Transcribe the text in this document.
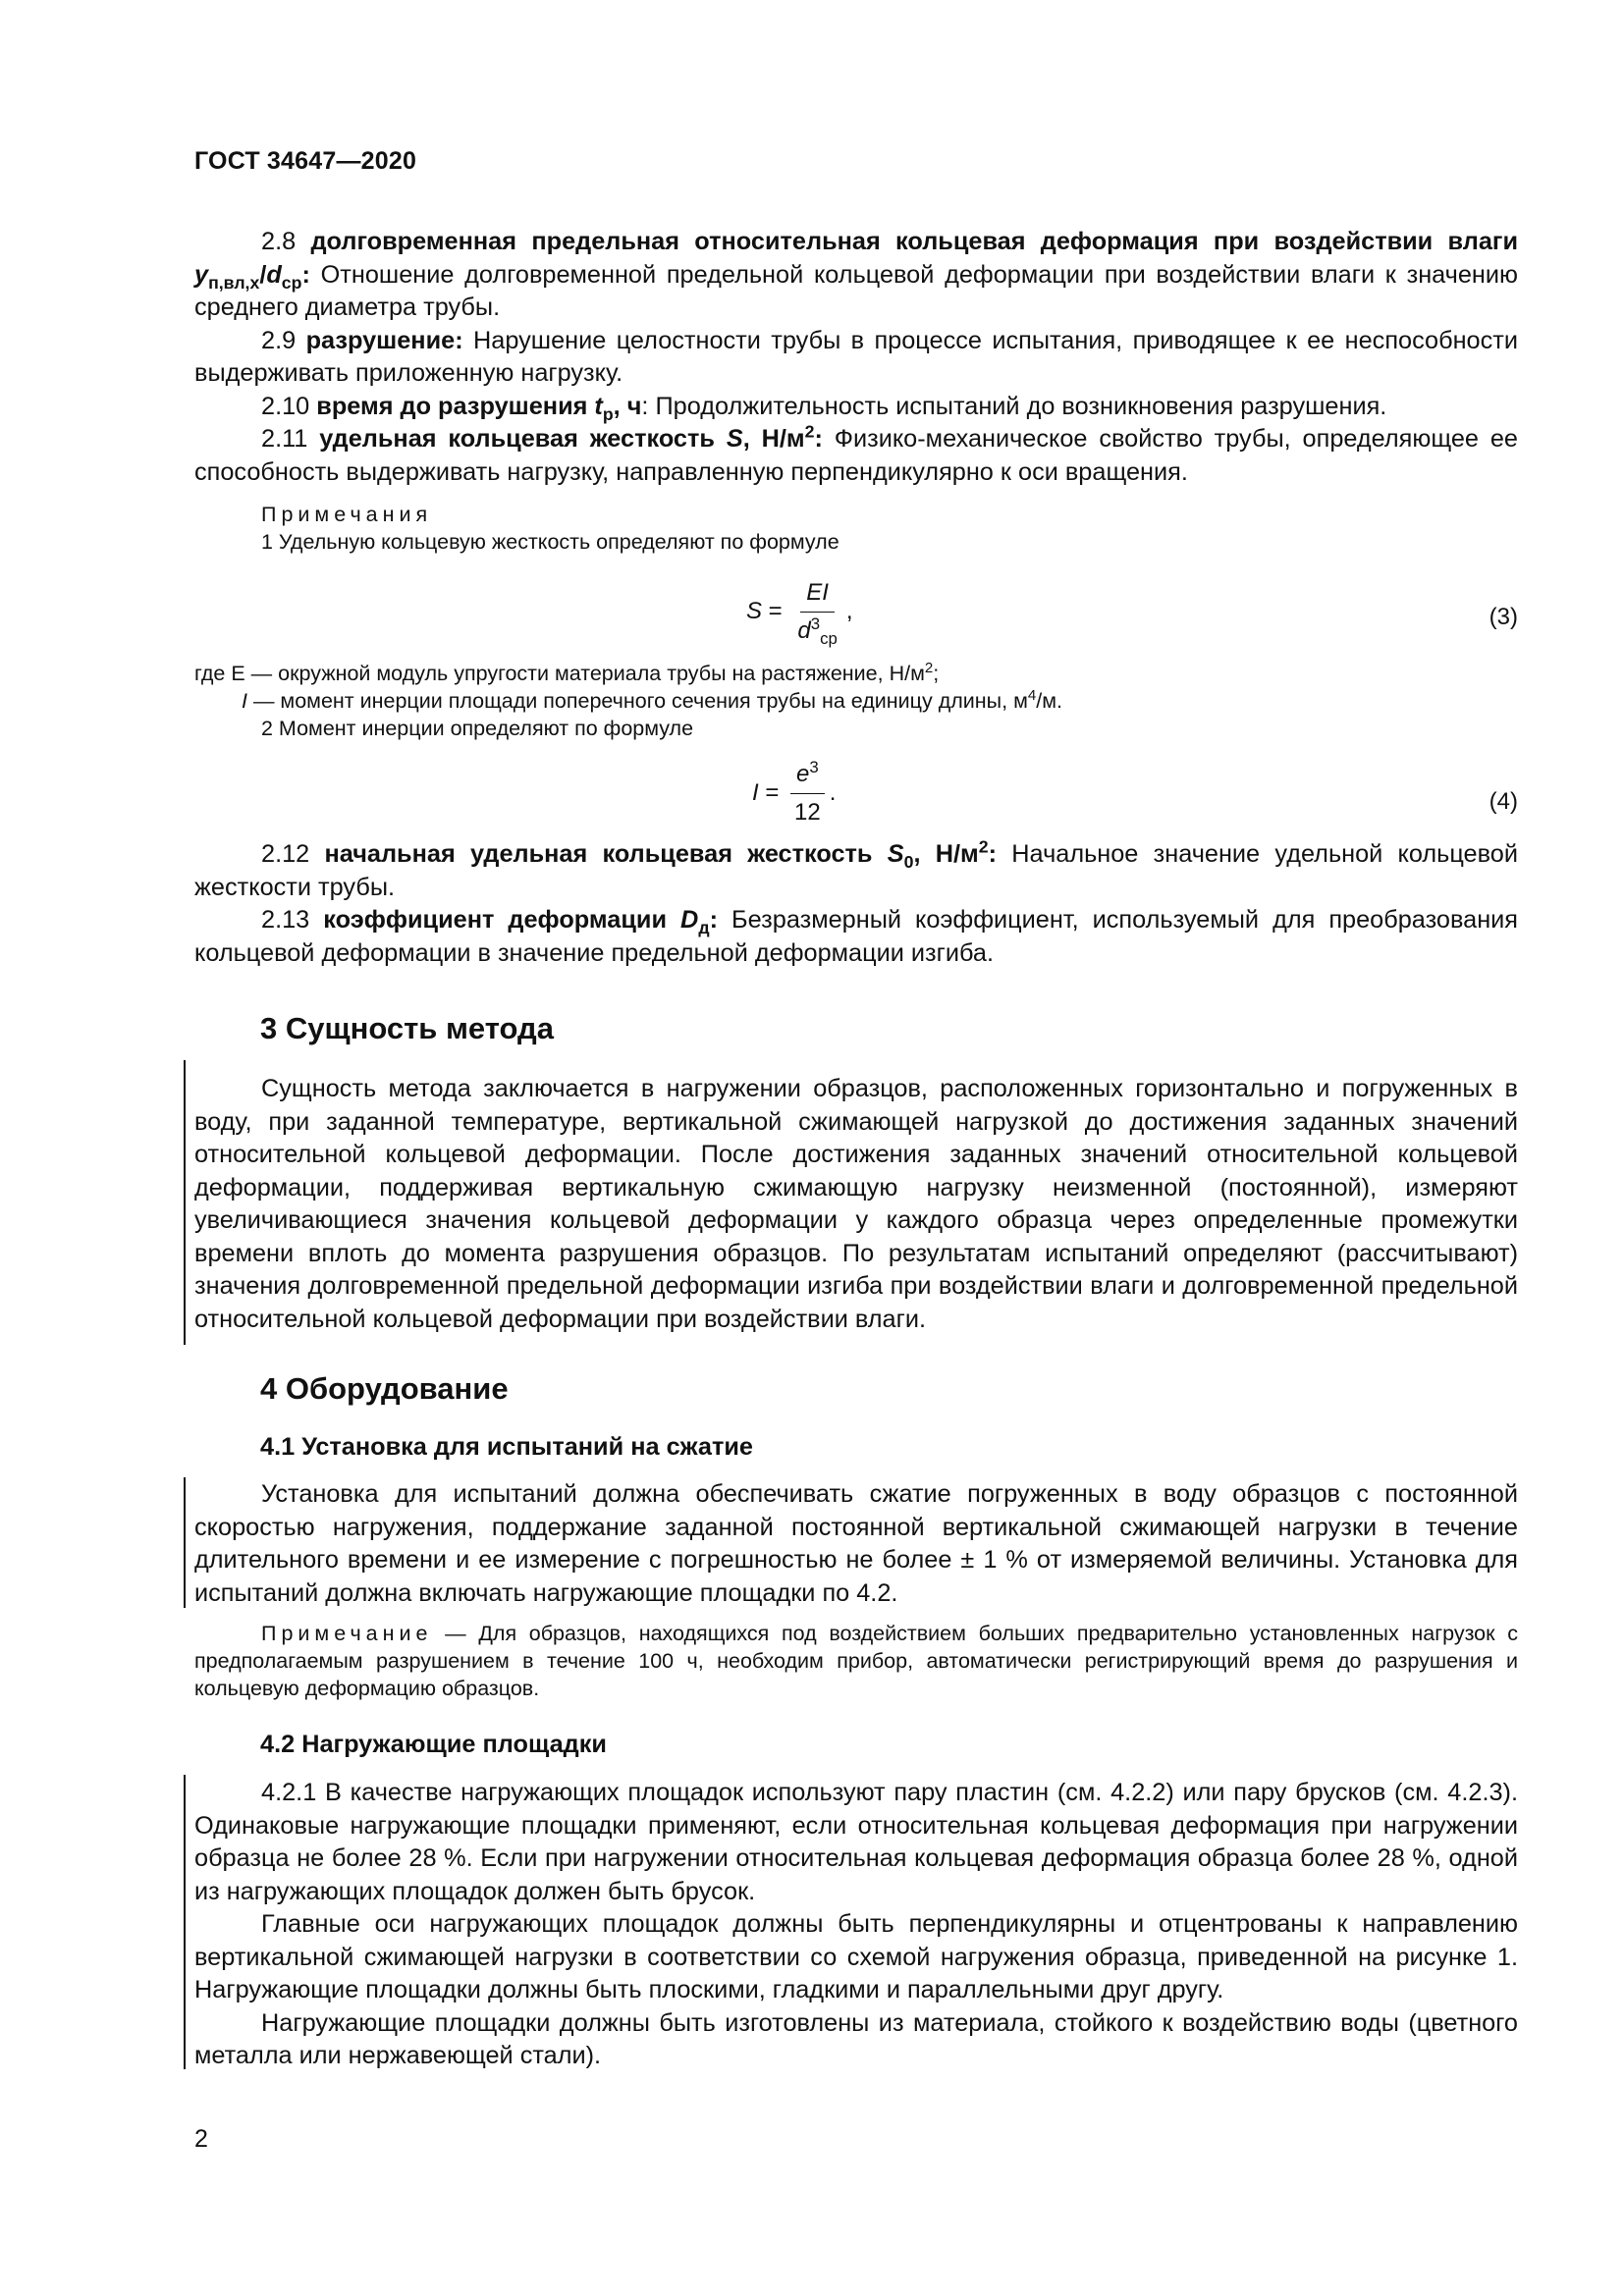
ГОСТ 34647—2020

2.8 долговременная предельная относительная кольцевая деформация при воздействии влаги $y_{п,вл,x}/d_{ср}$: Отношение долговременной предельной кольцевой деформации при воздействии влаги к значению среднего диаметра трубы.

2.9 разрушение: Нарушение целостности трубы в процессе испытания, приводящее к ее неспособности выдерживать приложенную нагрузку.

2.10 время до разрушения $t_р$, ч: Продолжительность испытаний до возникновения разрушения.

2.11 удельная кольцевая жесткость S, $Н/м^2$: Физико-механическое свойство трубы, определяющее ее способность выдерживать нагрузку, направленную перпендикулярно к оси вращения.

Примечания
1 Удельную кольцевую жесткость определяют по формуле
$S = \frac{EI}{d^3_{ср}}$ ,	(3)
где E — окружной модуль упругости материала трубы на растяжение, $Н/м^2$;
I — момент инерции площади поперечного сечения трубы на единицу длины, $м^4/м$.
2 Момент инерции определяют по формуле
$I = \frac{e^3}{12}$ .	(4)

2.12 начальная удельная кольцевая жесткость $S_0$, $Н/м^2$: Начальное значение удельной кольцевой жесткости трубы.

2.13 коэффициент деформации $D_д$: Безразмерный коэффициент, используемый для преобразования кольцевой деформации в значение предельной деформации изгиба.

3 Сущность метода

Сущность метода заключается в нагружении образцов, расположенных горизонтально и погруженных в воду, при заданной температуре, вертикальной сжимающей нагрузкой до достижения заданных значений относительной кольцевой деформации. После достижения заданных значений относительной кольцевой деформации, поддерживая вертикальную сжимающую нагрузку неизменной (постоянной), измеряют увеличивающиеся значения кольцевой деформации у каждого образца через определенные промежутки времени вплоть до момента разрушения образцов. По результатам испытаний определяют (рассчитывают) значения долговременной предельной деформации изгиба при воздействии влаги и долговременной предельной относительной кольцевой деформации при воздействии влаги.

4 Оборудование
4.1 Установка для испытаний на сжатие

Установка для испытаний должна обеспечивать сжатие погруженных в воду образцов с постоянной скоростью нагружения, поддержание заданной постоянной вертикальной сжимающей нагрузки в течение длительного времени и ее измерение с погрешностью не более ± 1 % от измеряемой величины. Установка для испытаний должна включать нагружающие площадки по 4.2.

Примечание — Для образцов, находящихся под воздействием больших предварительно установленных нагрузок с предполагаемым разрушением в течение 100 ч, необходим прибор, автоматически регистрирующий время до разрушения и кольцевую деформацию образцов.

4.2 Нагружающие площадки

4.2.1 В качестве нагружающих площадок используют пару пластин (см. 4.2.2) или пару брусков (см. 4.2.3). Одинаковые нагружающие площадки применяют, если относительная кольцевая деформация при нагружении образца не более 28 %. Если при нагружении относительная кольцевая деформация образца более 28 %, одной из нагружающих площадок должен быть брусок.

Главные оси нагружающих площадок должны быть перпендикулярны и отцентрованы к направлению вертикальной сжимающей нагрузки в соответствии со схемой нагружения образца, приведенной на рисунке 1. Нагружающие площадки должны быть плоскими, гладкими и параллельными друг другу.

Нагружающие площадки должны быть изготовлены из материала, стойкого к воздействию воды (цветного металла или нержавеющей стали).

2
